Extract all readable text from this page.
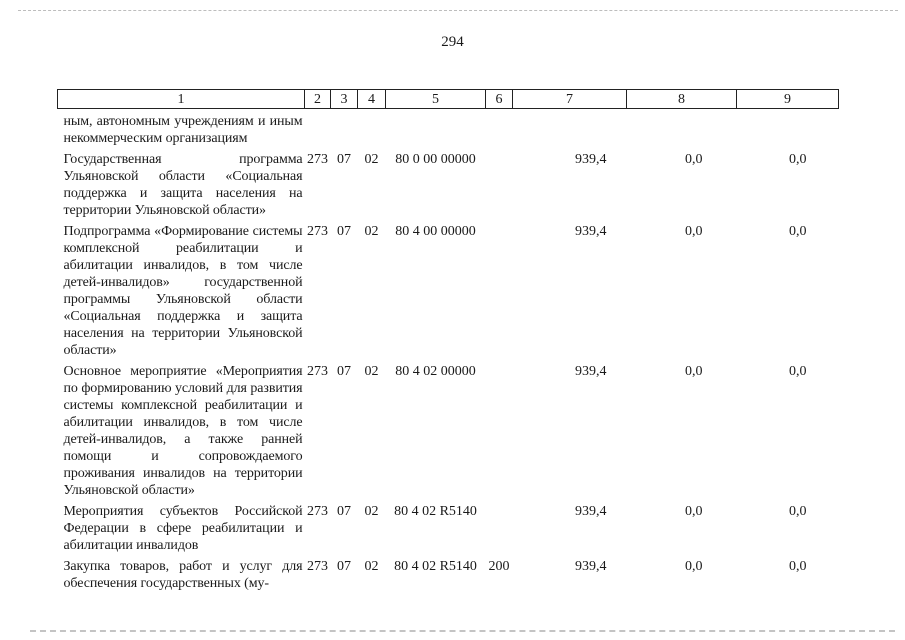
294
1	2	3	4	5	6	7	8	9
ным, автономным учреждениям и иным некоммерческим организациям								
Государственная программа Ульяновской области «Социальная поддержка и защита населения на территории Ульяновской области»	273	07	02	80 0 00 00000		939,4	0,0	0,0
Подпрограмма «Формирование системы комплексной реабилитации и абилитации инвалидов, в том числе детей-инвалидов» государственной программы Ульяновской области «Социальная поддержка и защита населения на территории Ульяновской области»	273	07	02	80 4 00 00000		939,4	0,0	0,0
Основное мероприятие «Мероприятия по формированию условий для развития системы комплексной реабилитации и абилитации инвалидов, в том числе детей-инвалидов, а также ранней помощи и сопровождаемого проживания инвалидов на территории Ульяновской области»	273	07	02	80 4 02 00000		939,4	0,0	0,0
Мероприятия субъектов Российской Федерации в сфере реабилитации и абилитации инвалидов	273	07	02	80 4 02 R5140		939,4	0,0	0,0
Закупка товаров, работ и услуг для обеспечения государственных (му-	273	07	02	80 4 02 R5140	200	939,4	0,0	0,0
